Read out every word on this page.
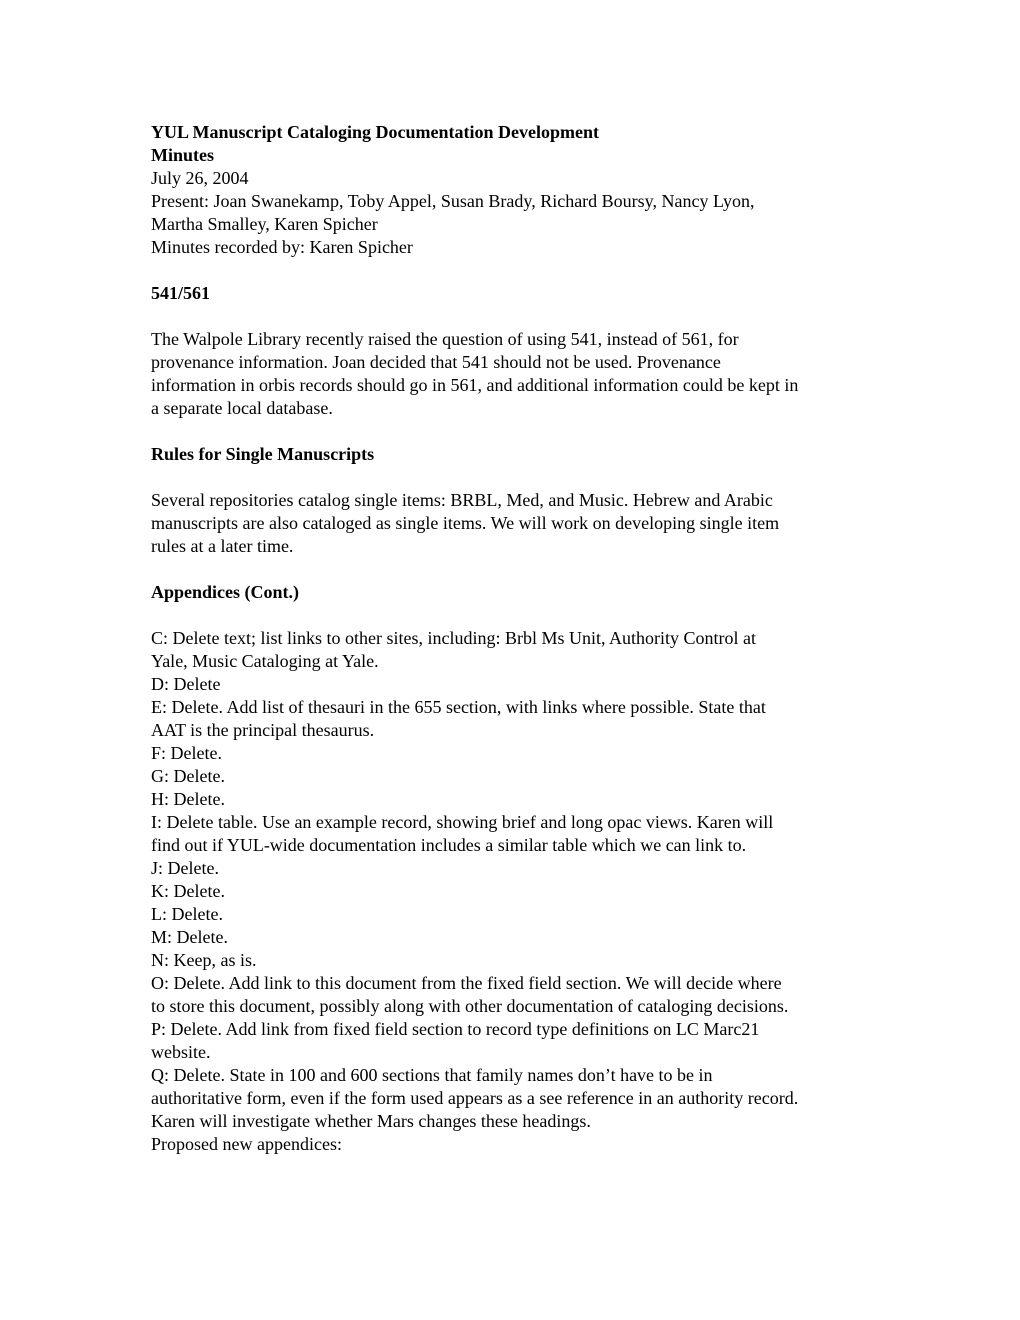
YUL Manuscript Cataloging Documentation Development
Minutes
July 26, 2004
Present: Joan Swanekamp, Toby Appel, Susan Brady, Richard Boursy, Nancy Lyon,
Martha Smalley, Karen Spicher
Minutes recorded by: Karen Spicher
541/561
The Walpole Library recently raised the question of using 541, instead of 561, for
provenance information. Joan decided that 541 should not be used. Provenance
information in orbis records should go in 561, and additional information could be kept in
a separate local database.
Rules for Single Manuscripts
Several repositories catalog single items: BRBL, Med, and Music. Hebrew and Arabic
manuscripts are also cataloged as single items. We will work on developing single item
rules at a later time.
Appendices (Cont.)
C: Delete text; list links to other sites, including: Brbl Ms Unit, Authority Control at
Yale, Music Cataloging at Yale.
D: Delete
E: Delete. Add list of thesauri in the 655 section, with links where possible. State that
AAT is the principal thesaurus.
F: Delete.
G: Delete.
H: Delete.
I: Delete table. Use an example record, showing brief and long opac views. Karen will
find out if YUL-wide documentation includes a similar table which we can link to.
J: Delete.
K: Delete.
L: Delete.
M: Delete.
N: Keep, as is.
O: Delete. Add link to this document from the fixed field section. We will decide where
to store this document, possibly along with other documentation of cataloging decisions.
P: Delete. Add link from fixed field section to record type definitions on LC Marc21
website.
Q: Delete. State in 100 and 600 sections that family names don’t have to be in
authoritative form, even if the form used appears as a see reference in an authority record.
Karen will investigate whether Mars changes these headings.
Proposed new appendices:
